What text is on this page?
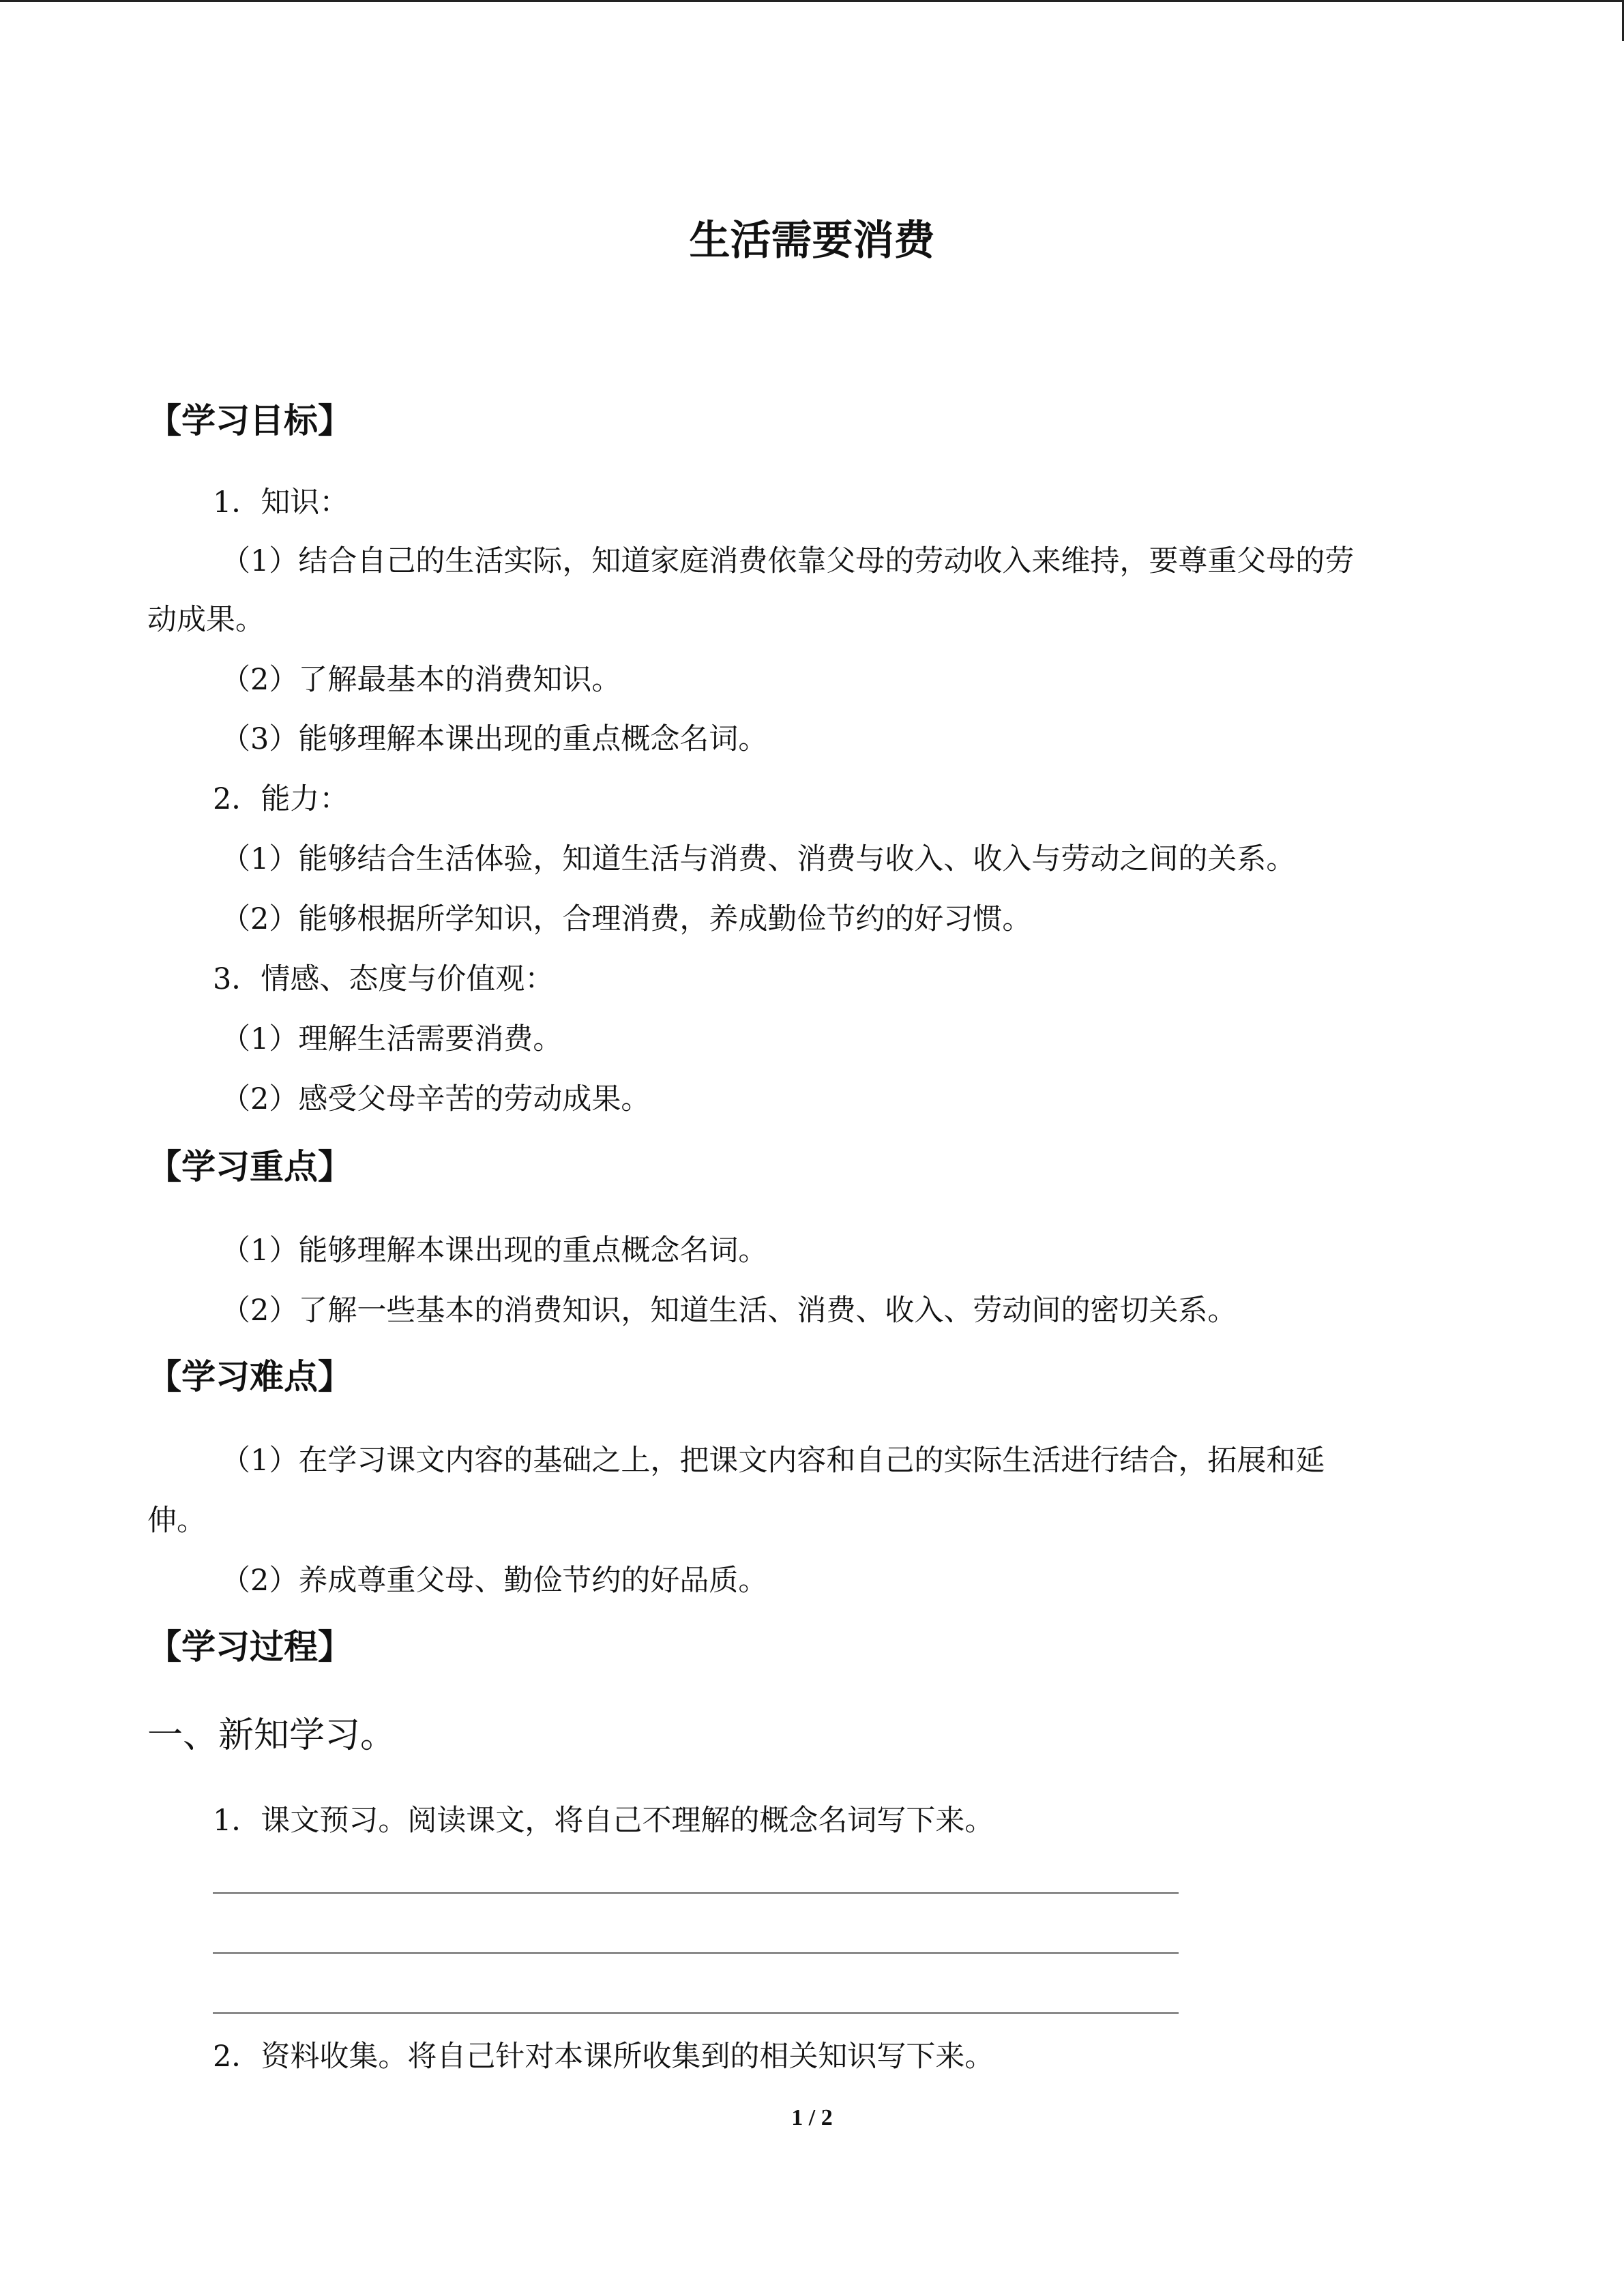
生活需要消费
【学习目标】

1．知识：

（1）结合自己的生活实际，知道家庭消费依靠父母的劳动收入来维持，要尊重父母的劳

动成果。

（2）了解最基本的消费知识。

（3）能够理解本课出现的重点概念名词。

2．能力：

（1）能够结合生活体验，知道生活与消费、消费与收入、收入与劳动之间的关系。

（2）能够根据所学知识，合理消费，养成勤俭节约的好习惯。

3．情感、态度与价值观：

（1）理解生活需要消费。

（2）感受父母辛苦的劳动成果。

【学习重点】

（1）能够理解本课出现的重点概念名词。

（2）了解一些基本的消费知识，知道生活、消费、收入、劳动间的密切关系。

【学习难点】

（1）在学习课文内容的基础之上，把课文内容和自己的实际生活进行结合，拓展和延

伸。

（2）养成尊重父母、勤俭节约的好品质。

【学习过程】

一、新知学习。

1．课文预习。阅读课文，将自己不理解的概念名词写下来。

2．资料收集。将自己针对本课所收集到的相关知识写下来。

1 / 2
